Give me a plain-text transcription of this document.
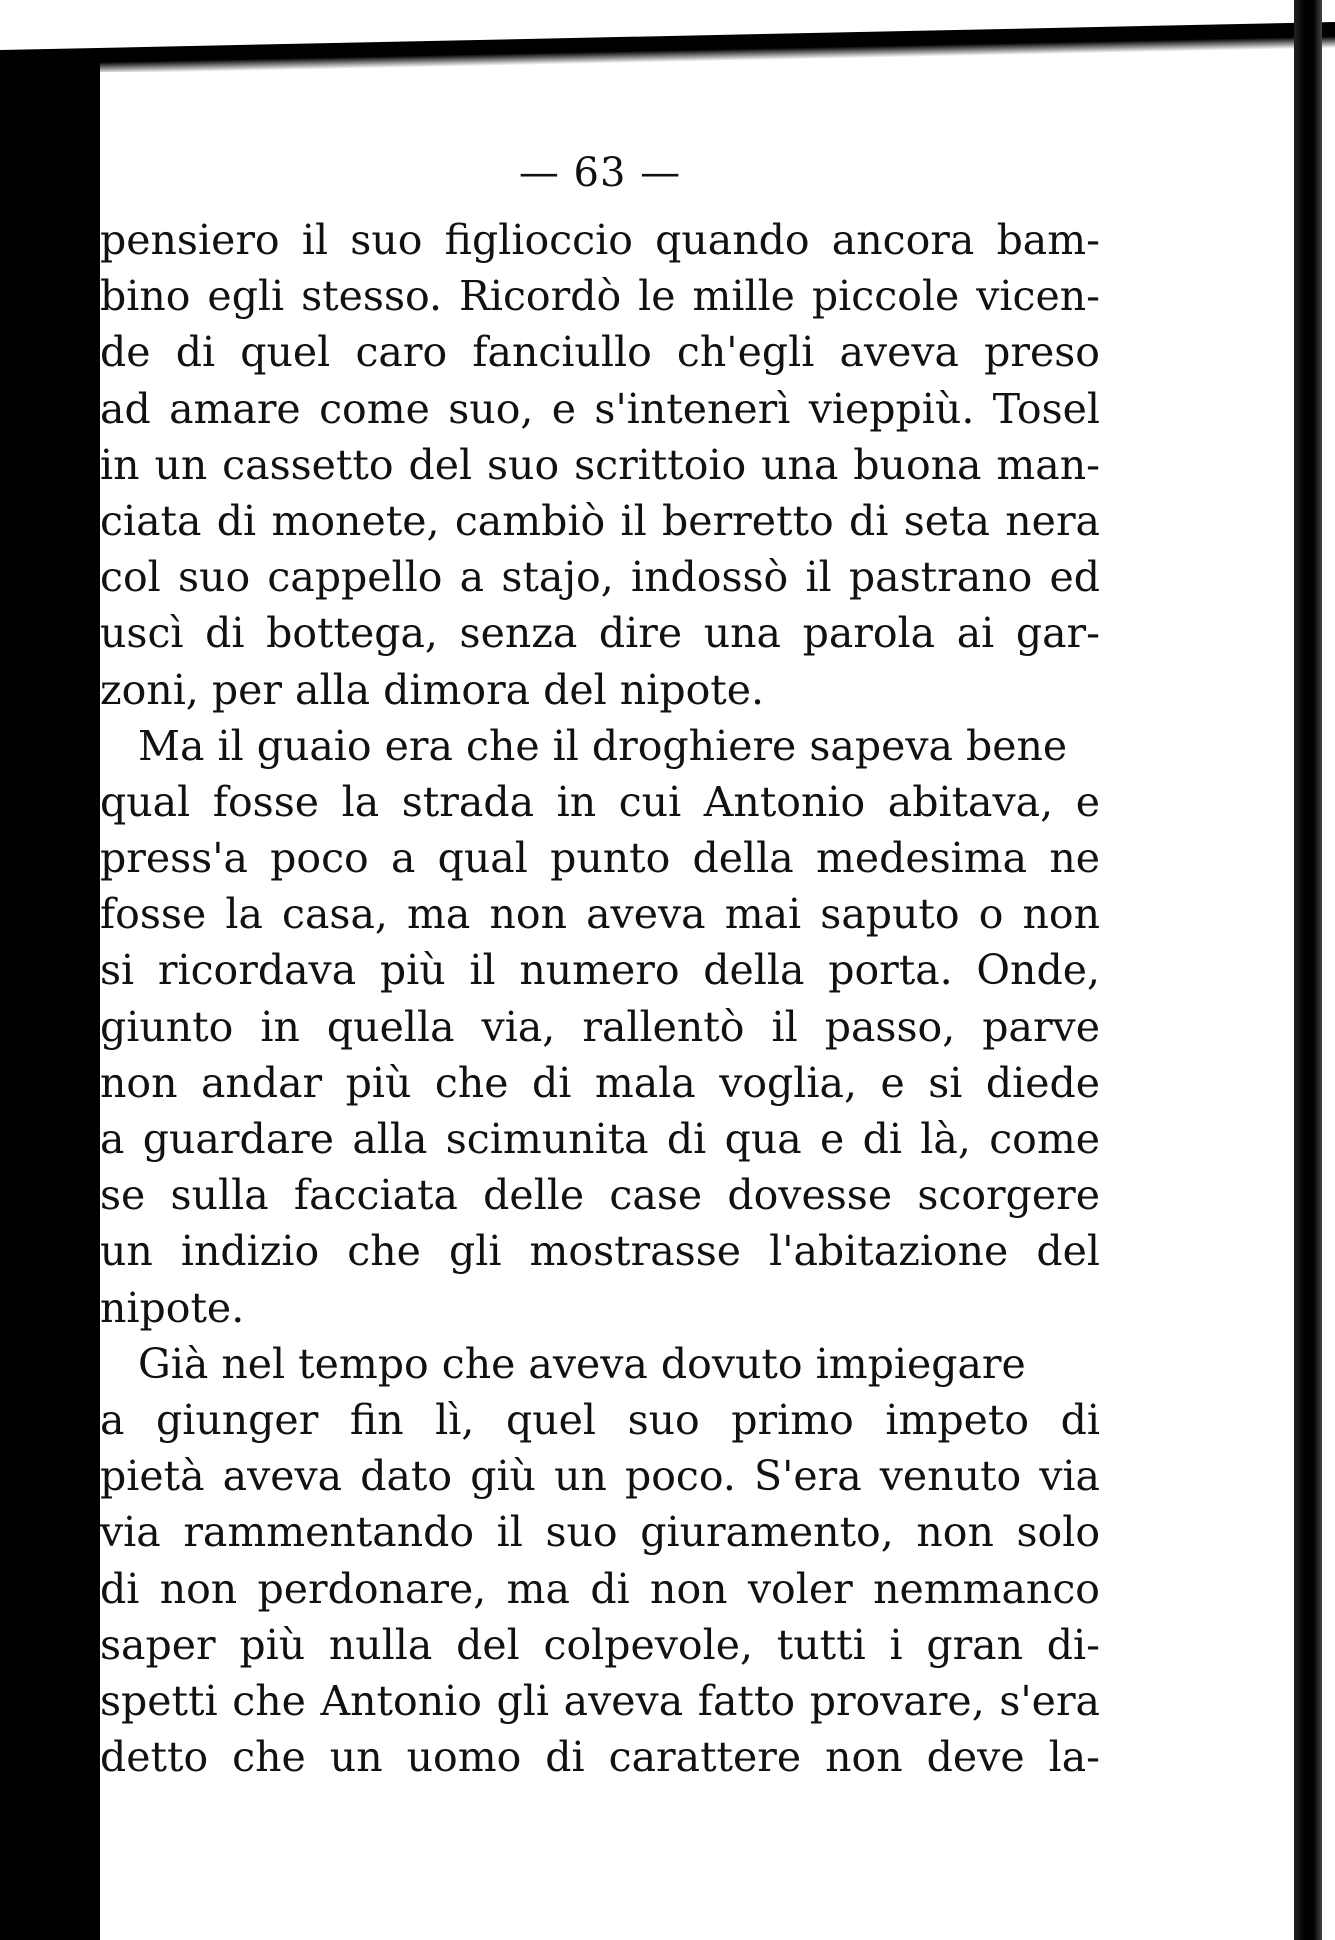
— 63 —
pensiero il suo figlioccio quando ancora bam-
bino egli stesso. Ricordò le mille piccole vicen-
de di quel caro fanciullo ch'egli aveva preso
ad amare come suo, e s'intenerì vieppiù. Tosel
in un cassetto del suo scrittoio una buona man-
ciata di monete, cambiò il berretto di seta nera
col suo cappello a stajo, indossò il pastrano ed
uscì di bottega, senza dire una parola ai gar-
zoni, per alla dimora del nipote.
Ma il guaio era che il droghiere sapeva bene
qual fosse la strada in cui Antonio abitava, e
press'a poco a qual punto della medesima ne
fosse la casa, ma non aveva mai saputo o non
si ricordava più il numero della porta. Onde,
giunto in quella via, rallentò il passo, parve
non andar più che di mala voglia, e si diede
a guardare alla scimunita di qua e di là, come
se sulla facciata delle case dovesse scorgere
un indizio che gli mostrasse l'abitazione del
nipote.
Già nel tempo che aveva dovuto impiegare
a giunger fin lì, quel suo primo impeto di
pietà aveva dato giù un poco. S'era venuto via
via rammentando il suo giuramento, non solo
di non perdonare, ma di non voler nemmanco
saper più nulla del colpevole, tutti i gran di-
spetti che Antonio gli aveva fatto provare, s'era
detto che un uomo di carattere non deve la-
